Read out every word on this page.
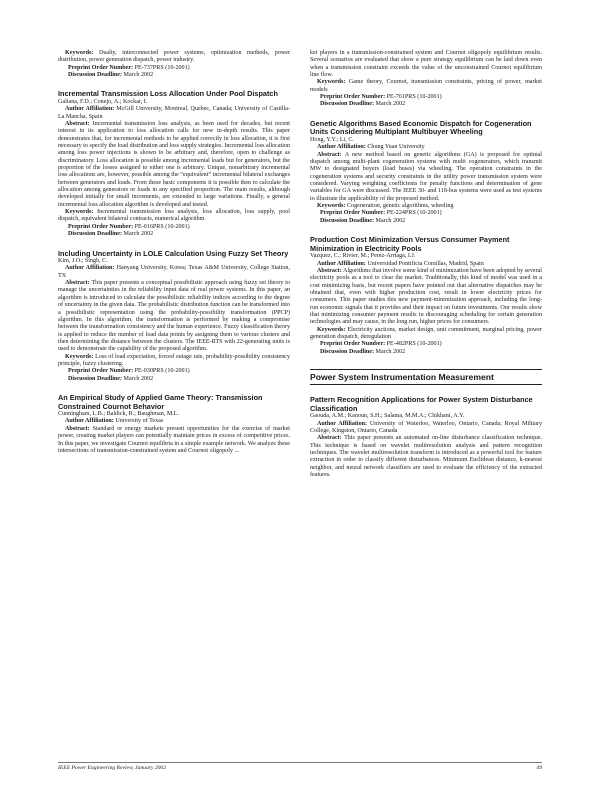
Keywords: Dualty, interconnected power systems, optimization methods, power distribution, power generation dispatch, power industry.

Preprint Order Number: PE-737PRS (10-2001)

Discussion Deadline: March 2002

Incremental Transmission Loss Allocation Under Pool Dispatch

Galiana, F.D.; Conejo, A.; Kockar, I.

Author Affiliation: McGill University, Montreal, Quebec, Canada; University of Castilla-La Mancha, Spain

Abstract: Incremental transmission loss analysis, as been used for decades, but recent interest in its application to loss allocation calls for new in-depth results. This paper demonstrates that, for incremental methods to be applied correctly in loss allocation, it is first necessary to specify the load distribution and loss supply strategies. Incremental loss allocation among loss power injections is shown to be arbitrary and, therefore, open to challenge as discriminatory. Loss allocation is possible among incremental loads but for generators, but the proportion of the losses assigned to either one is arbitrary. Unique, nonarbitrary incremental loss allocations are, however, possible among the “equivalent” incremental bilateral exchanges between generators and loads. From these basic components it is possible then to calculate the allocation among generators or loads in any specified proportion. The main results, although developed initially for small increments, are extended to large variations. Finally, a general incremental loss allocation algorithm is developed and tested.

Keywords: Incremental transmission loss analysis, loss allocation, loss supply, pool dispatch, equivalent bilateral contracts, numerical algorithm.

Preprint Order Number: PE-016PRS (10-2001)

Discussion Deadline: March 2002

Including Uncertainty in LOLE Calculation Using Fuzzy Set Theory

Kim, J.O.; Singh, C.

Author Affiliation: Hanyang University, Korea; Texas A&M University, College Station, TX

Abstract: This paper presents a conceptual possibilistic approach using fuzzy set theory to manage the uncertainties in the reliability input data of real power systems. In this paper, an algorithm is introduced to calculate the possibilistic reliability indices according to the degree of uncertainty in the given data. The probabilistic distribution function can be transformed into a possibilistic representation using the probability-possibility transformation (PPCP) algorithm. In this algorithm, the transformation is performed by making a compromise between the transformation consistency and the human experience. Fuzzy classification theory is applied to reduce the number of load data points by assigning them to various clusters and then determining the distance between the clusters. The IEEE-RTS with 22-generating units is used to demonstrate the capability of the proposed algorithm.

Keywords: Loss of load expectation, forced outage rate, probability-possibility consistency principle, fuzzy clustering.

Preprint Order Number: PE-030PRS (10-2001)

Discussion Deadline: March 2002

An Empirical Study of Applied Game Theory: Transmission Constrained Cournot Behavior

Cunningham, L.B.; Baldick, R.; Baughman, M.L.

Author Affiliation: University of Texas

Abstract: Standard or energy markets present opportunities for the exercise of market power, creating market players can potentially maintain prices in excess of competitive prices. In this paper, we investigate Cournot equilibria in a simple example network. We analyze these intersections of transmission-constrained system and Cournot oligopoly ...

ket players in a transmission-constrained system and Cournot oligopoly equilibrium results. Several scenarios are evaluated that show a pure strategy equilibrium can be laid down even when a transmission constraint exceeds the value of the unconstrained Cournot equilibrium line flow.

Keywords: Game theory, Cournot, transmission constraints, pricing of power, market models

Preprint Order Number: PE-761PRS (10-2001)

Discussion Deadline: March 2002

Genetic Algorithms Based Economic Dispatch for Cogeneration Units Considering Multiplant Multibuyer Wheeling

Hong, Y.Y.; Li, C.

Author Affiliation: Chung Yuan University

Abstract: A new method based on genetic algorithms (GA) is proposed for optimal dispatch among multi-plant cogeneration systems with multi cogenerators, which transmit MW to designated buyers (load buses) via wheeling. The operation constraints in the cogeneration systems and security constraints in the utility power transmission system were considered. Varying weighting coefficients for penalty functions and determination of gene variables for GA were discussed. The IEEE 30- and 118-bus systems were used as test systems to illustrate the applicability of the proposed method.

Keywords: Cogeneration, genetic algorithms, wheeling

Preprint Order Number: PE-224PRS (10-2001)

Discussion Deadline: March 2002

Production Cost Minimization Versus Consumer Payment Minimization in Electricity Pools

Vazquez, C.; Rivier, M.; Perez-Arriaga, I.J.

Author Affiliation: Universidad Pontificia Comillas, Madrid, Spain

Abstract: Algorithms that involve some kind of minimization have been adopted by several electricity pools as a tool to clear the market. Traditionally, this kind of model was used in a cost minimizing basis, but recent papers have pointed out that alternative dispatches may be obtained that, even with higher production cost, result in lower electricity prices for consumers. This paper studies this new payment-minimization approach, including the long-run economic signals that it provides and their impact on future investments. Our results show that minimizing consumer payment results in discouraging scheduling for certain generation technologies and may cause, in the long run, higher prices for consumers.

Keywords: Electricity auctions, market design, unit commitment, marginal pricing, power generation dispatch, deregulation

Preprint Order Number: PE-482PRS (10-2001)

Discussion Deadline: March 2002

Power System Instrumentation Measurement
Pattern Recognition Applications for Power System Disturbance Classification

Gaouda, A.M.; Kanoun, S.H.; Salama, M.M.A.; Chikhani, A.Y.

Author Affiliation: University of Waterloo, Waterloo, Ontario, Canada; Royal Military College, Kingston, Ontario, Canada

Abstract: This paper presents an automated on-line disturbance classification technique. This technique is based on wavelet multiresolution analysis and pattern recognition techniques. The wavelet multiresolution transform is introduced as a powerful tool for feature extraction in order to classify different disturbances. Minimum Euclidean distance, k-nearest neighbor, and neural network classifiers are used to evaluate the efficiency of the extracted features.

IEEE Power Engineering Review, January 2002	49
